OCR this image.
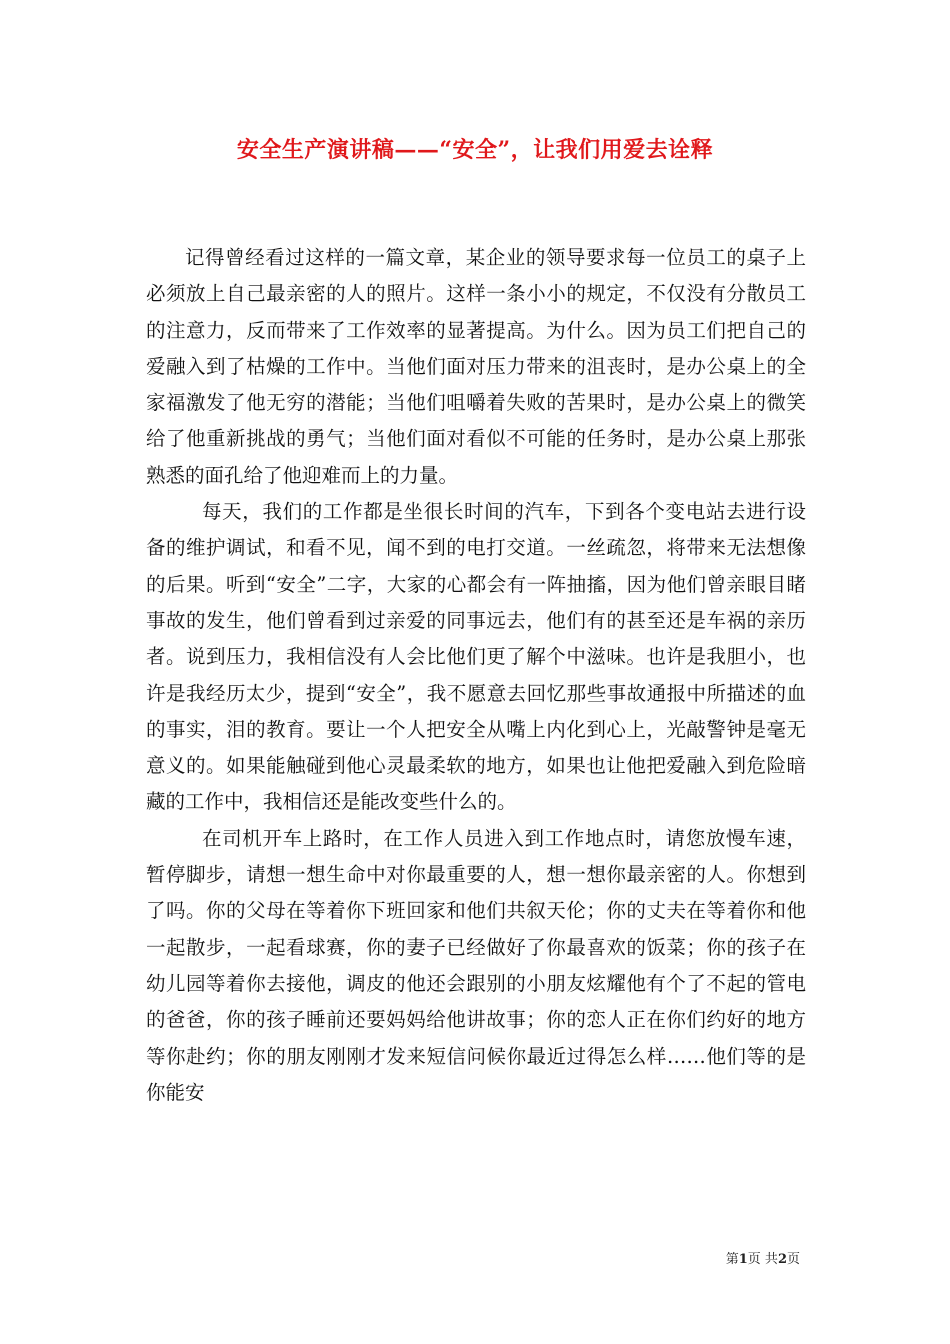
安全生产演讲稿——“安全”，让我们用爱去诠释

记得曾经看过这样的一篇文章，某企业的领导要求每一位员工的桌子上必须放上自己最亲密的人的照片。这样一条小小的规定，不仅没有分散员工的注意力，反而带来了工作效率的显著提高。为什么。因为员工们把自己的爱融入到了枯燥的工作中。当他们面对压力带来的沮丧时，是办公桌上的全家福激发了他无穷的潜能；当他们咀嚼着失败的苦果时，是办公桌上的微笑给了他重新挑战的勇气；当他们面对看似不可能的任务时，是办公桌上那张熟悉的面孔给了他迎难而上的力量。

每天，我们的工作都是坐很长时间的汽车，下到各个变电站去进行设备的维护调试，和看不见，闻不到的电打交道。一丝疏忽，将带来无法想像的后果。听到“安全”二字，大家的心都会有一阵抽搐，因为他们曾亲眼目睹事故的发生，他们曾看到过亲爱的同事远去，他们有的甚至还是车祸的亲历者。说到压力，我相信没有人会比他们更了解个中滋味。也许是我胆小，也许是我经历太少，提到“安全”，我不愿意去回忆那些事故通报中所描述的血的事实，泪的教育。要让一个人把安全从嘴上内化到心上，光敲警钟是毫无意义的。如果能触碰到他心灵最柔软的地方，如果也让他把爱融入到危险暗藏的工作中，我相信还是能改变些什么的。

在司机开车上路时，在工作人员进入到工作地点时，请您放慢车速，暂停脚步，请想一想生命中对你最重要的人，想一想你最亲密的人。你想到了吗。你的父母在等着你下班回家和他们共叙天伦；你的丈夫在等着你和他一起散步，一起看球赛，你的妻子已经做好了你最喜欢的饭菜；你的孩子在幼儿园等着你去接他，调皮的他还会跟别的小朋友炫耀他有个了不起的管电的爸爸，你的孩子睡前还要妈妈给他讲故事；你的恋人正在你们约好的地方等你赴约；你的朋友刚刚才发来短信问候你最近过得怎么样……他们等的是你能安

第1页 共2页
